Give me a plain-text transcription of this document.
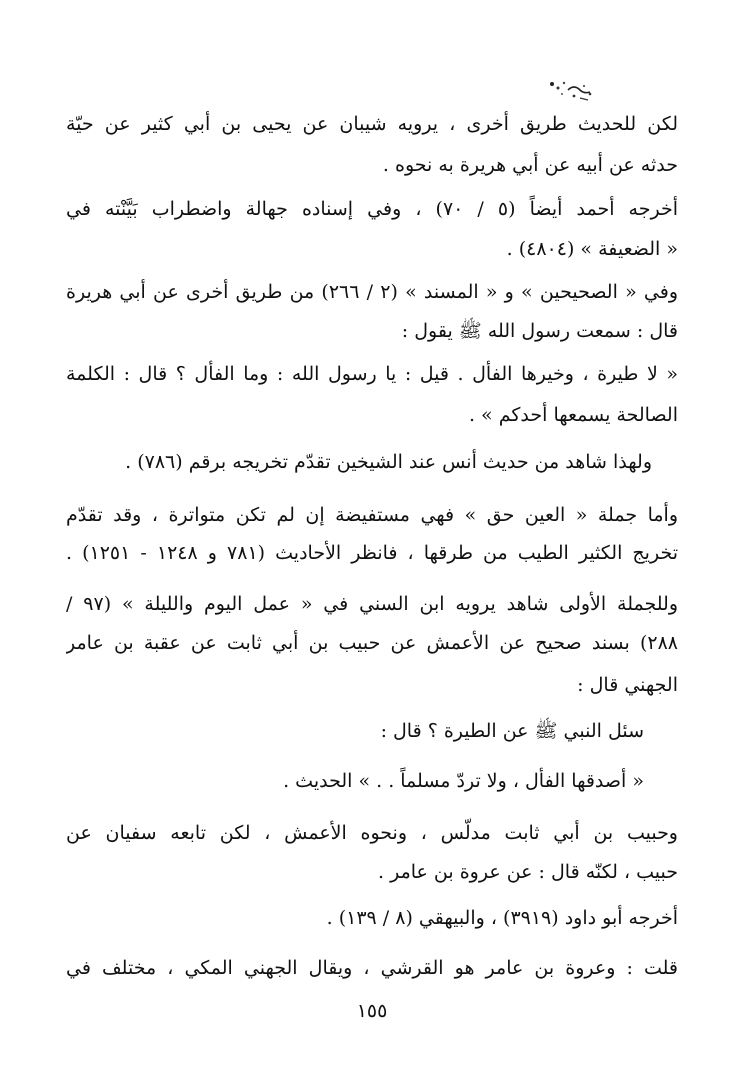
لكن للحديث طريق أخرى ، يرويه شيبان عن يحيى بن أبي كثير عن حيّة
حدثه عن أبيه عن أبي هريرة به نحوه .
أخرجه أحمد أيضاً (٥ / ٧٠) ، وفي إسناده جهالة واضطراب بَيَّنْته في
« الضعيفة » (٤٨٠٤) .
وفي « الصحيحين » و « المسند » (٢ / ٢٦٦) من طريق أخرى عن أبي هريرة
قال : سمعت رسول الله ﷺ يقول :
« لا طيرة ، وخيرها الفأل . قيل : يا رسول الله : وما الفأل ؟ قال : الكلمة
الصالحة يسمعها أحدكم » .
ولهذا شاهد من حديث أنس عند الشيخين تقدّم تخريجه برقم (٧٨٦) .
وأما جملة « العين حق » فهي مستفيضة إن لم تكن متواترة ، وقد تقدّم
تخريج الكثير الطيب من طرقها ، فانظر الأحاديث (٧٨١ و ١٢٤٨ - ١٢٥١) .
وللجملة الأولى شاهد يرويه ابن السني في « عمل اليوم والليلة » (٩٧ /
٢٨٨) بسند صحيح عن الأعمش عن حبيب بن أبي ثابت عن عقبة بن عامر
الجهني قال :
سئل النبي ﷺ عن الطيرة ؟ قال :
« أصدقها الفأل ، ولا تردّ مسلماً . . » الحديث .
وحبيب بن أبي ثابت مدلّس ، ونحوه الأعمش ، لكن تابعه سفيان عن
حبيب ، لكنّه قال : عن عروة بن عامر .
أخرجه أبو داود (٣٩١٩) ، والبيهقي (٨ / ١٣٩) .
قلت : وعروة بن عامر هو القرشي ، ويقال الجهني المكي ، مختلف في
١٥٥
